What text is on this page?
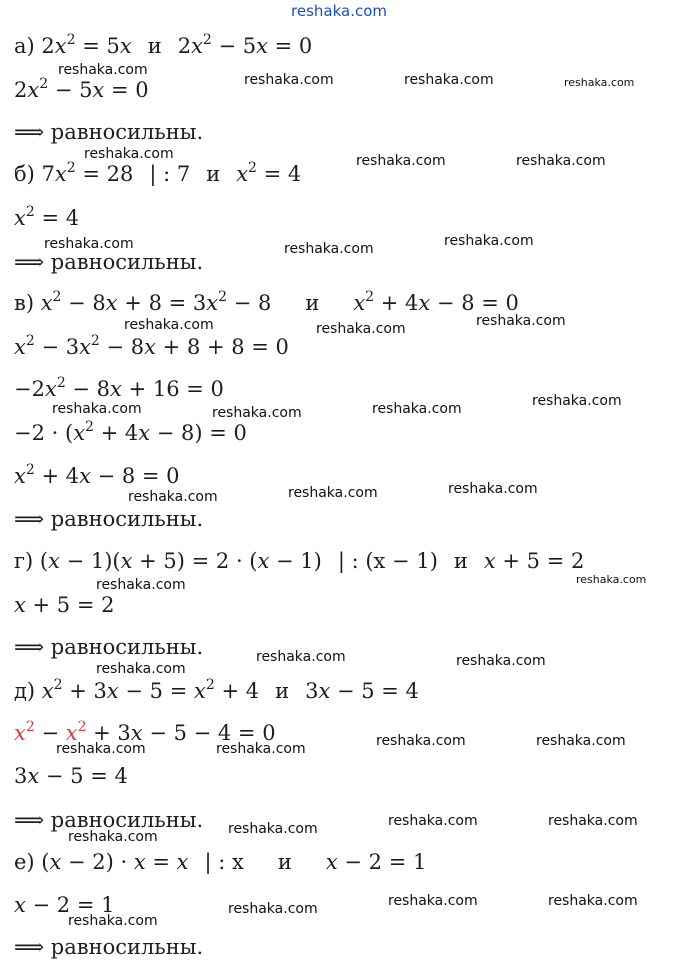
reshaka.com
а) $2x^2 = 5x$ и $2x^2 - 5x = 0$
$2x^2 - 5x = 0$
⟹ равносильны.
б) $7x^2 = 28$ | : 7 и $x^2 = 4$
$x^2 = 4$
⟹ равносильны.
в) $x^2 - 8x + 8 = 3x^2 - 8$ и $x^2 + 4x - 8 = 0$
$x^2 - 3x^2 - 8x + 8 + 8 = 0$
$-2x^2 - 8x + 16 = 0$
$-2 \cdot (x^2 + 4x - 8) = 0$
$x^2 + 4x - 8 = 0$
⟹ равносильны.
г) (x − 1)(x + 5) = 2 · (x − 1) | : (x − 1) и x + 5 = 2
x + 5 = 2
⟹ равносильны.
д) $x^2 + 3x - 5 = x^2 + 4$ и 3x − 5 = 4
$x^2 - x^2 + 3x - 5 - 4 = 0$
3x − 5 = 4
⟹ равносильны.
е) (x − 2) · x = x | : x и x − 2 = 1
x − 2 = 1
⟹ равносильны.
reshaka.com
reshaka.com	reshaka.com	reshaka.com
reshaka.com	reshaka.com	reshaka.com
reshaka.com	reshaka.com	reshaka.com
reshaka.com	reshaka.com	reshaka.com
reshaka.com	reshaka.com	reshaka.com	reshaka.com
reshaka.com	reshaka.com	reshaka.com
reshaka.com	reshaka.com
reshaka.com
reshaka.com	reshaka.com
reshaka.com	reshaka.com	reshaka.com	reshaka.com
reshaka.com	reshaka.com	reshaka.com	reshaka.com
reshaka.com
reshaka.com	reshaka.com	reshaka.com
